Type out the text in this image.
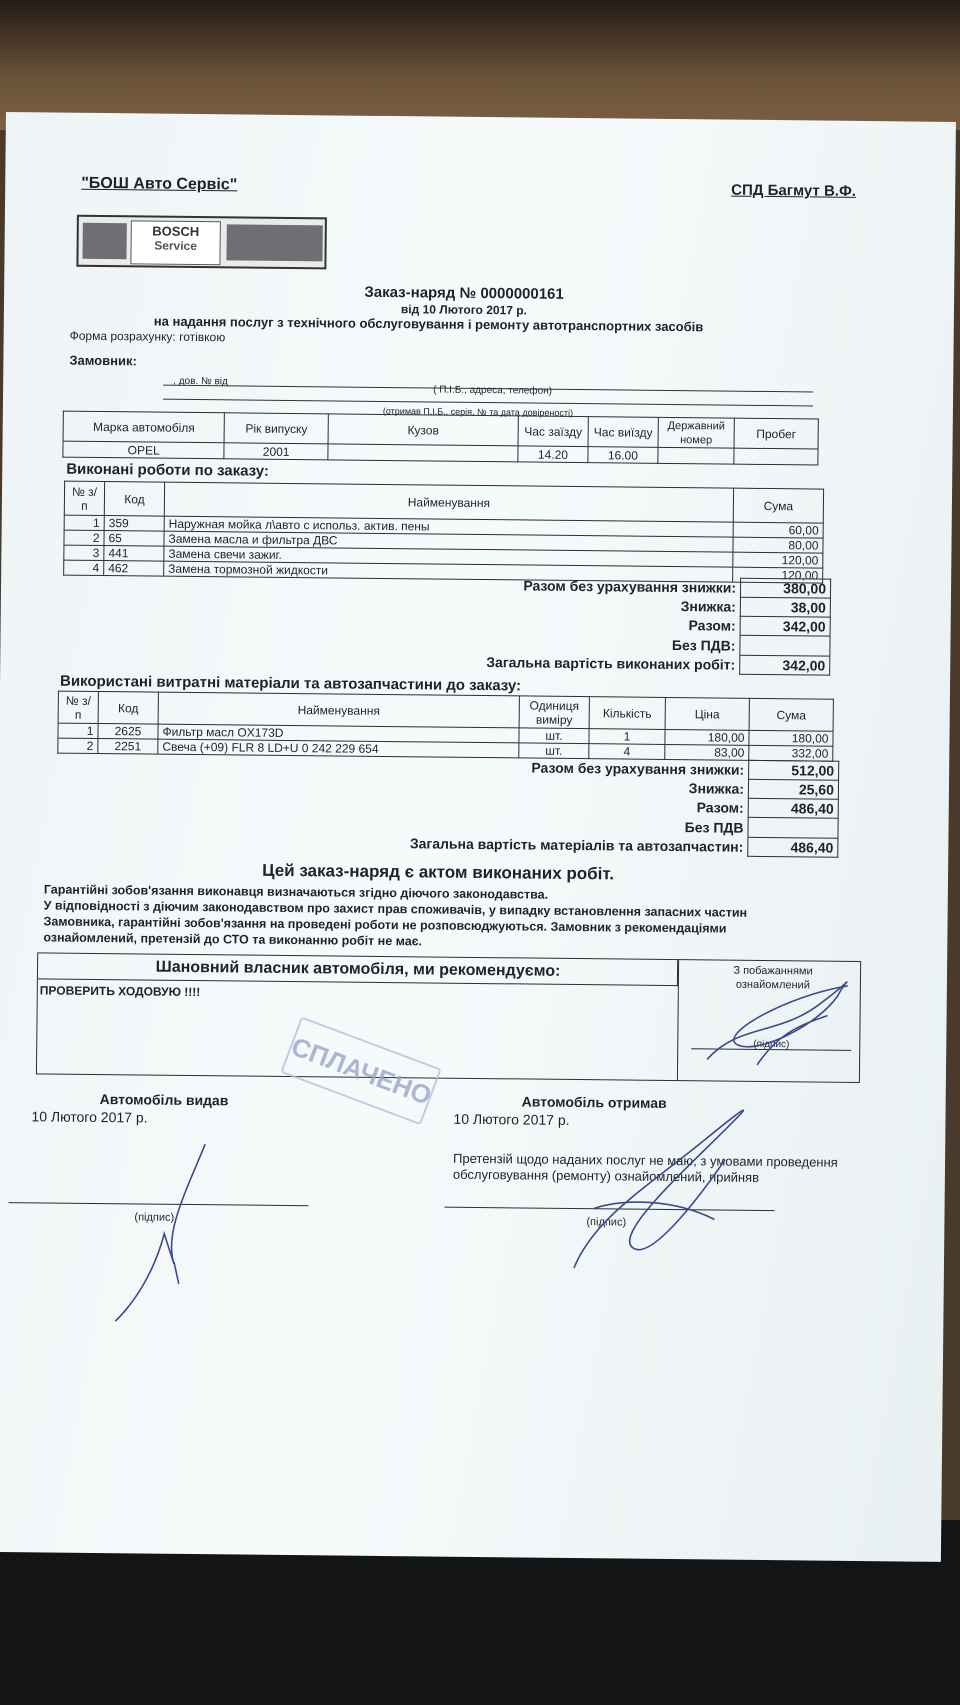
"БОШ Авто Сервіс"
BOSCH
Service
СПД Багмут В.Ф.
Заказ-наряд № 0000000161
від 10 Лютого 2017 р.
на надання послуг з технічного обслуговування і ремонту автотранспортних засобів
Форма розрахунку: готівкою
Замовник:
, дов. № від
( П.І.Б., адреса, телефон)
(отримав П.І.Б., серія, № та дата довіреності)
Марка автомобіля	Рік випуску	Кузов	Час заїзду	Час виїзду	Державний номер	Пробег
OPEL	2001		14.20	16.00		
Виконані роботи по заказу:
№ з/п	Код	Найменування	Сума
1	359	Наружная мойка л\авто с использ. актив. пены	60,00
2	65	Замена масла и фильтра ДВС	80,00
3	441	Замена свечи зажиг.	120,00
4	462	Замена тормозной жидкости	120,00
Разом без урахування знижки:	380,00
Знижка:	38,00
Разом:	342,00
Без ПДВ:	
Загальна вартість виконаних робіт:	342,00
Використані витратні матеріали та автозапчастини до заказу:
№ з/п	Код	Найменування	Одиниця виміру	Кількість	Ціна	Сума
1	2625	Фильтр масл OX173D	шт.	1	180,00	180,00
2	2251	Свеча (+09) FLR 8 LD+U 0 242 229 654	шт.	4	83,00	332,00
Разом без урахування знижки:	512,00
Знижка:	25,60
Разом:	486,40
Без ПДВ	
Загальна вартість матеріалів та автозапчастин:	486,40
Цей заказ-наряд є актом виконаних робіт.
Гарантійні зобов'язання виконавця визначаються згідно діючого законодавства.
У відповідності з діючим законодавством про захист прав споживачів, у випадку встановлення запасних частин
Замовника, гарантійні зобов'язання на проведені роботи не розповсюджуються. Замовник з рекомендаціями
ознайомлений, претензій до СТО та виконанню робіт не має.
Шановний власник автомобіля, ми рекомендуємо:
ПРОВЕРИТЬ ХОДОВУЮ !!!!
З побажаннями
ознайомлений
(підпис)
СПЛАЧЕНО
Автомобіль видав
10 Лютого 2017 р.
(підпис)
Автомобіль отримав
10 Лютого 2017 р.
Претензій щодо наданих послуг не маю, з умовами проведення
обслуговування (ремонту) ознайомлений, прийняв
(підпис)
